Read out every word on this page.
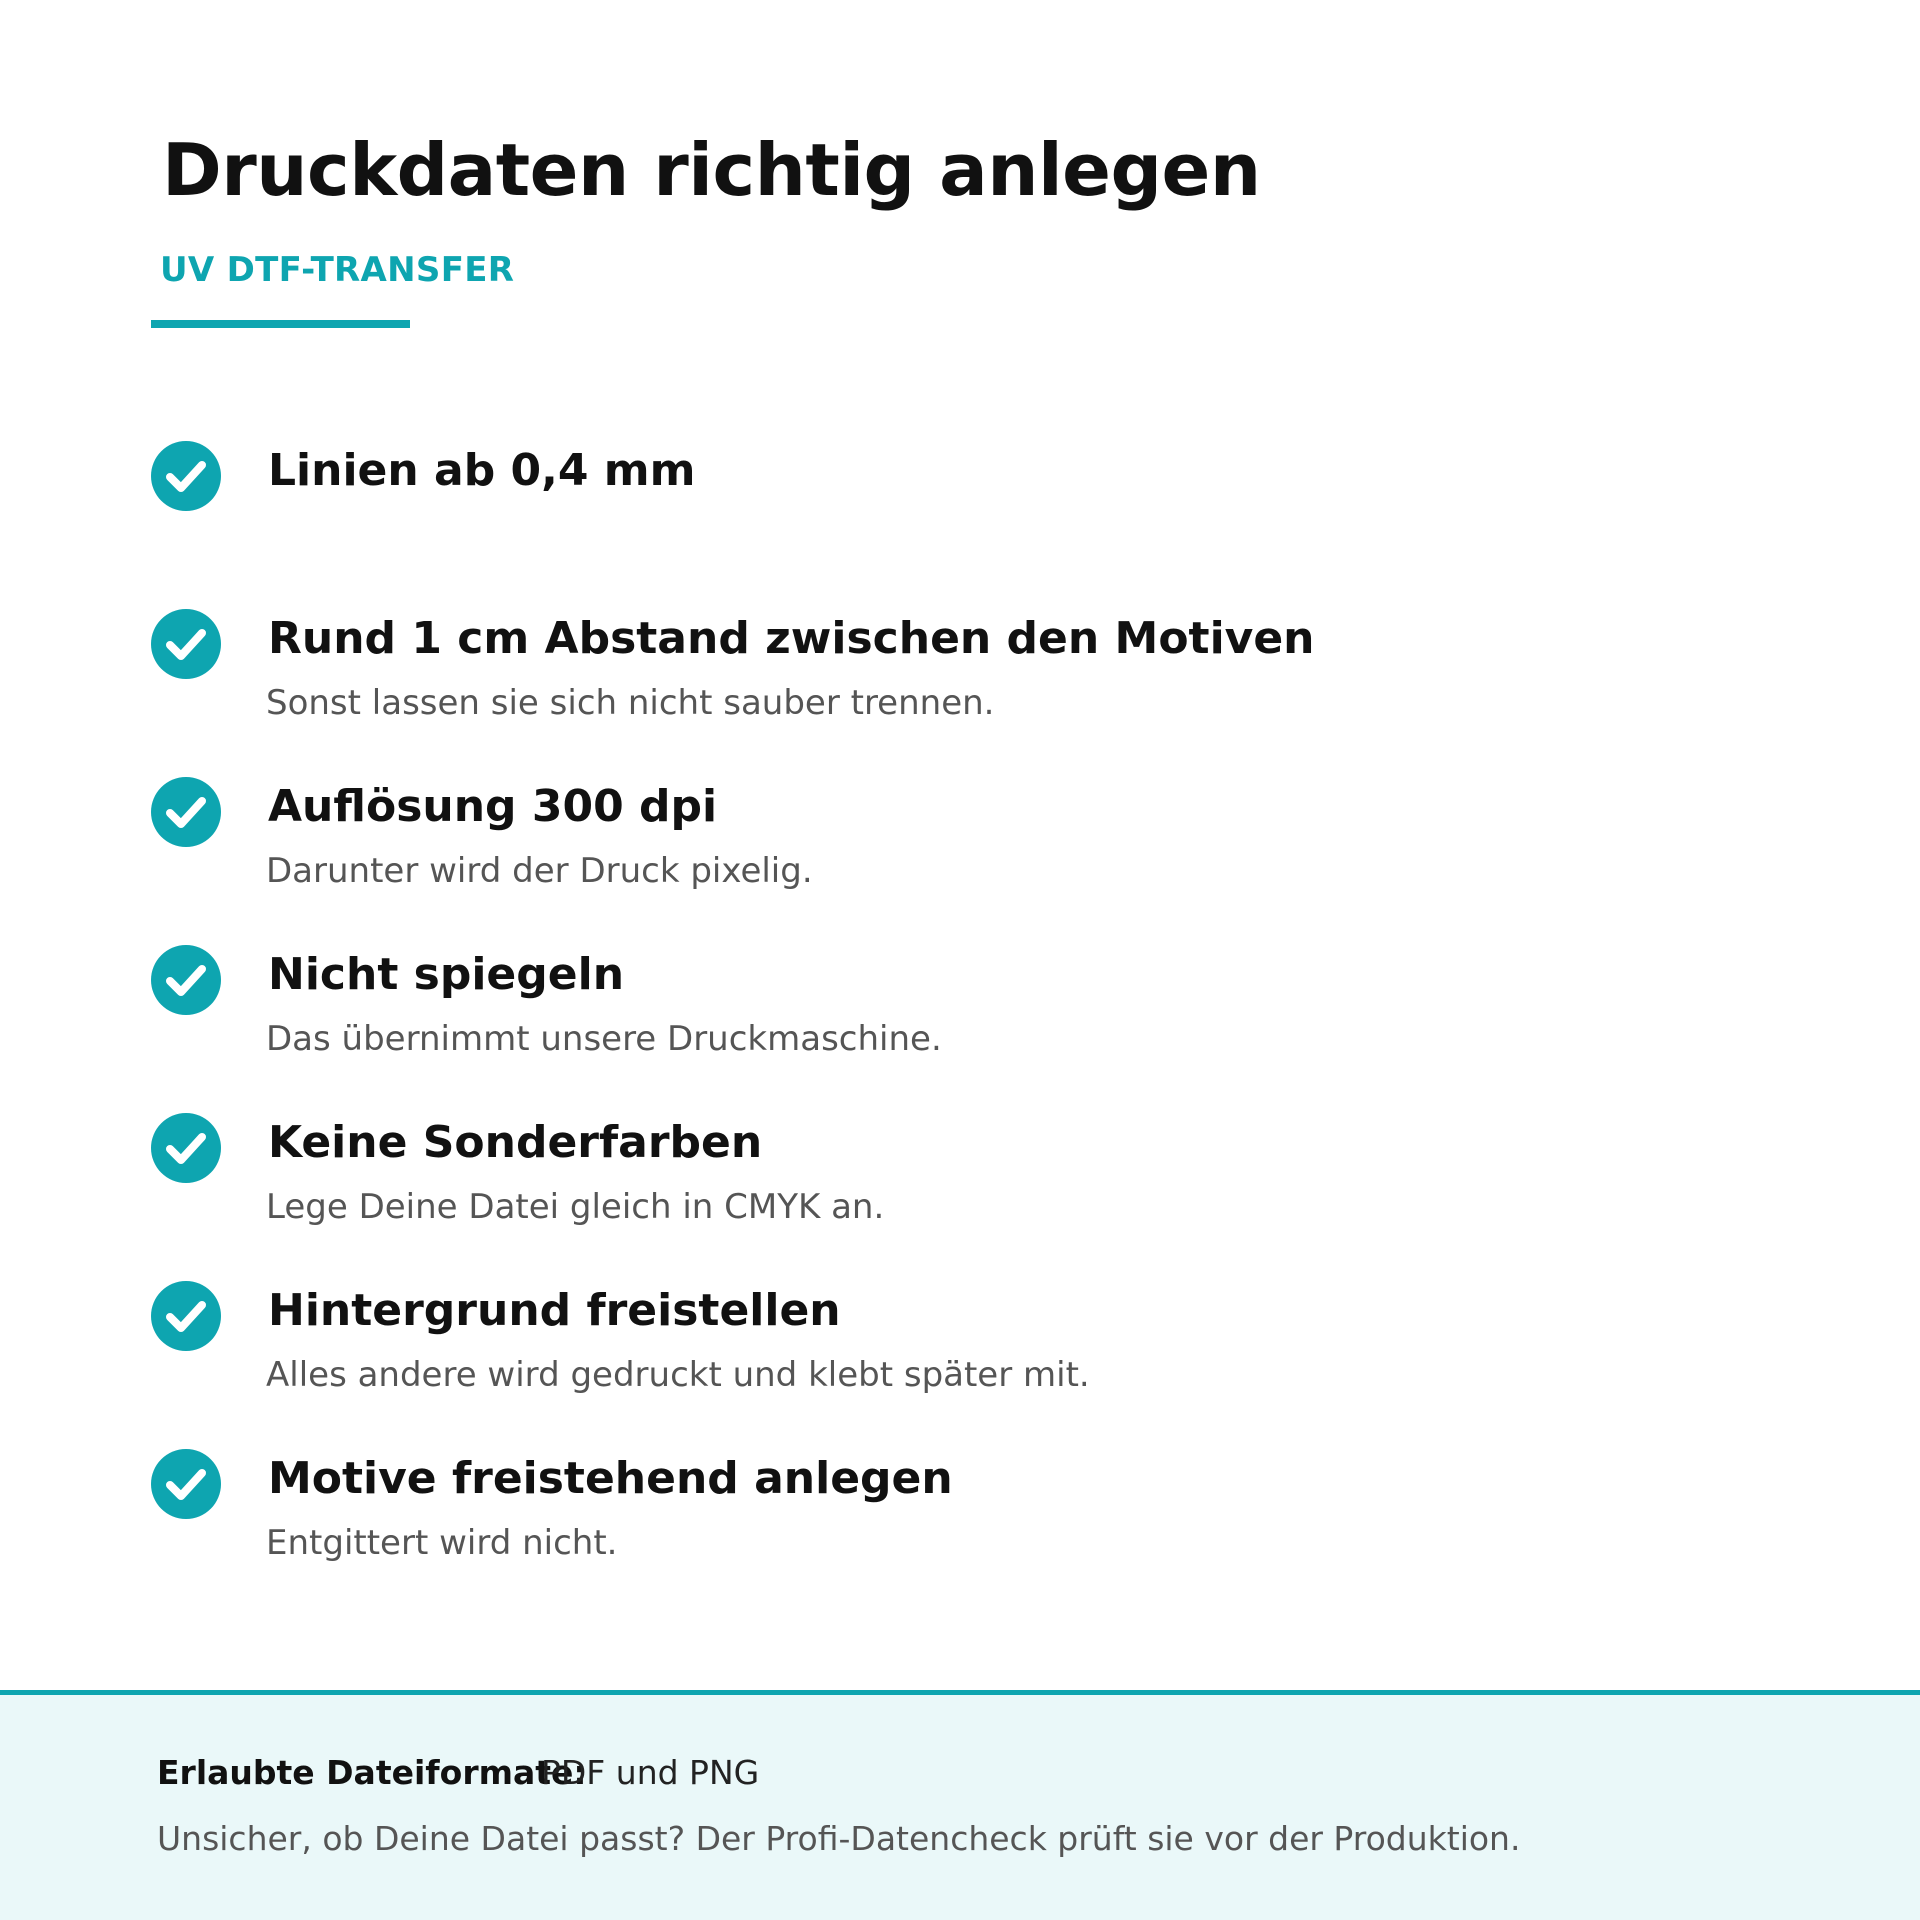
Druckdaten richtig anlegen
UV DTF-TRANSFER
Linien ab 0,4 mm
Rund 1 cm Abstand zwischen den Motiven
Sonst lassen sie sich nicht sauber trennen.
Auflösung 300 dpi
Darunter wird der Druck pixelig.
Nicht spiegeln
Das übernimmt unsere Druckmaschine.
Keine Sonderfarben
Lege Deine Datei gleich in CMYK an.
Hintergrund freistellen
Alles andere wird gedruckt und klebt später mit.
Motive freistehend anlegen
Entgittert wird nicht.
Erlaubte Dateiformate:
PDF und PNG
Unsicher, ob Deine Datei passt? Der Profi-Datencheck prüft sie vor der Produktion.
